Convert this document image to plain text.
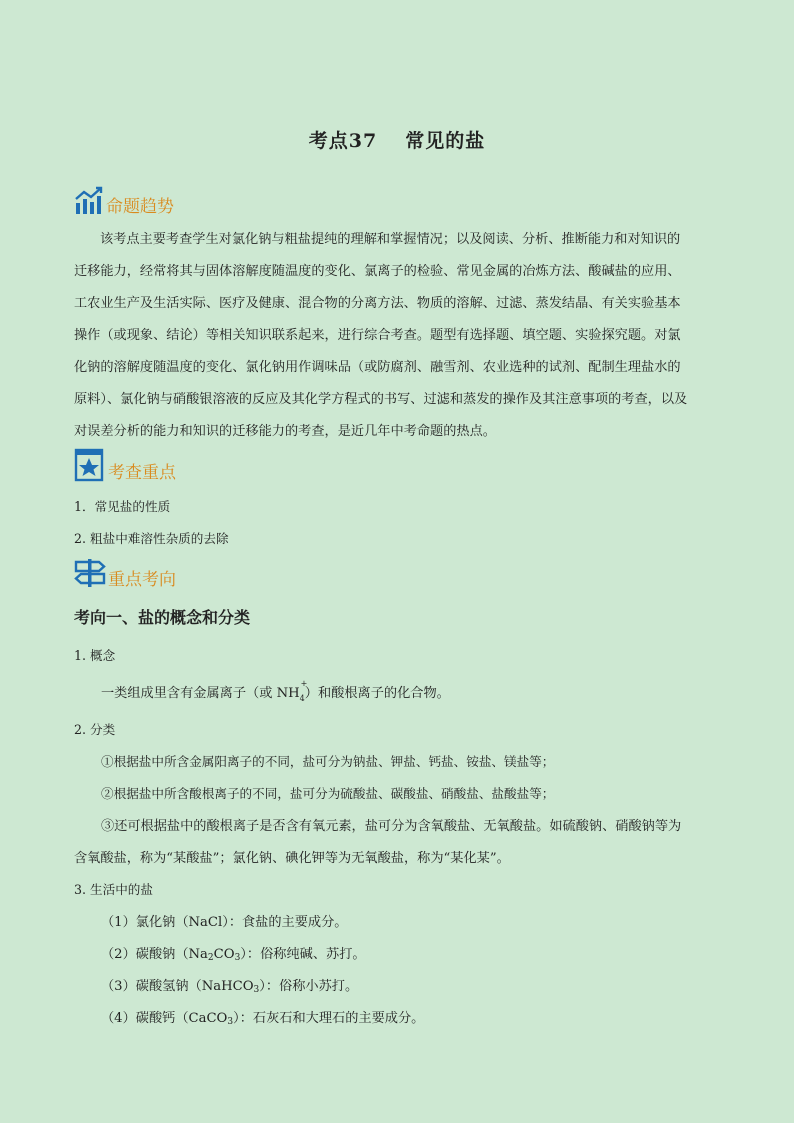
考点37 常见的盐
命题趋势
该考点主要考查学生对氯化钠与粗盐提纯的理解和掌握情况；以及阅读、分析、推断能力和对知识的
迁移能力，经常将其与固体溶解度随温度的变化、氯离子的检验、常见金属的冶炼方法、酸碱盐的应用、
工农业生产及生活实际、医疗及健康、混合物的分离方法、物质的溶解、过滤、蒸发结晶、有关实验基本
操作（或现象、结论）等相关知识联系起来，进行综合考查。题型有选择题、填空题、实验探究题。对氯
化钠的溶解度随温度的变化、氯化钠用作调味品（或防腐剂、融雪剂、农业选种的试剂、配制生理盐水的
原料）、氯化钠与硝酸银溶液的反应及其化学方程式的书写、过滤和蒸发的操作及其注意事项的考查，以及
对误差分析的能力和知识的迁移能力的考查，是近几年中考命题的热点。
考查重点
1．常见盐的性质
2. 粗盐中难溶性杂质的去除
重点考向
考向一、盐的概念和分类
1. 概念
一类组成里含有金属离子（或 NH
+
$_4$）和酸根离子的化合物。
2. 分类
①根据盐中所含金属阳离子的不同，盐可分为钠盐、钾盐、钙盐、铵盐、镁盐等；
②根据盐中所含酸根离子的不同，盐可分为硫酸盐、碳酸盐、硝酸盐、盐酸盐等；
③还可根据盐中的酸根离子是否含有氧元素，盐可分为含氧酸盐、无氧酸盐。如硫酸钠、硝酸钠等为
含氧酸盐，称为“某酸盐”；氯化钠、碘化钾等为无氧酸盐，称为“某化某”。
3. 生活中的盐
（1）氯化钠（NaCl）：食盐的主要成分。
（2）碳酸钠$(Na_2CO_3)$：俗称纯碱、苏打。
（3）碳酸氢钠（NaHCO$_3$）：俗称小苏打。
（4）碳酸钙（CaCO$_3$）：石灰石和大理石的主要成分。
